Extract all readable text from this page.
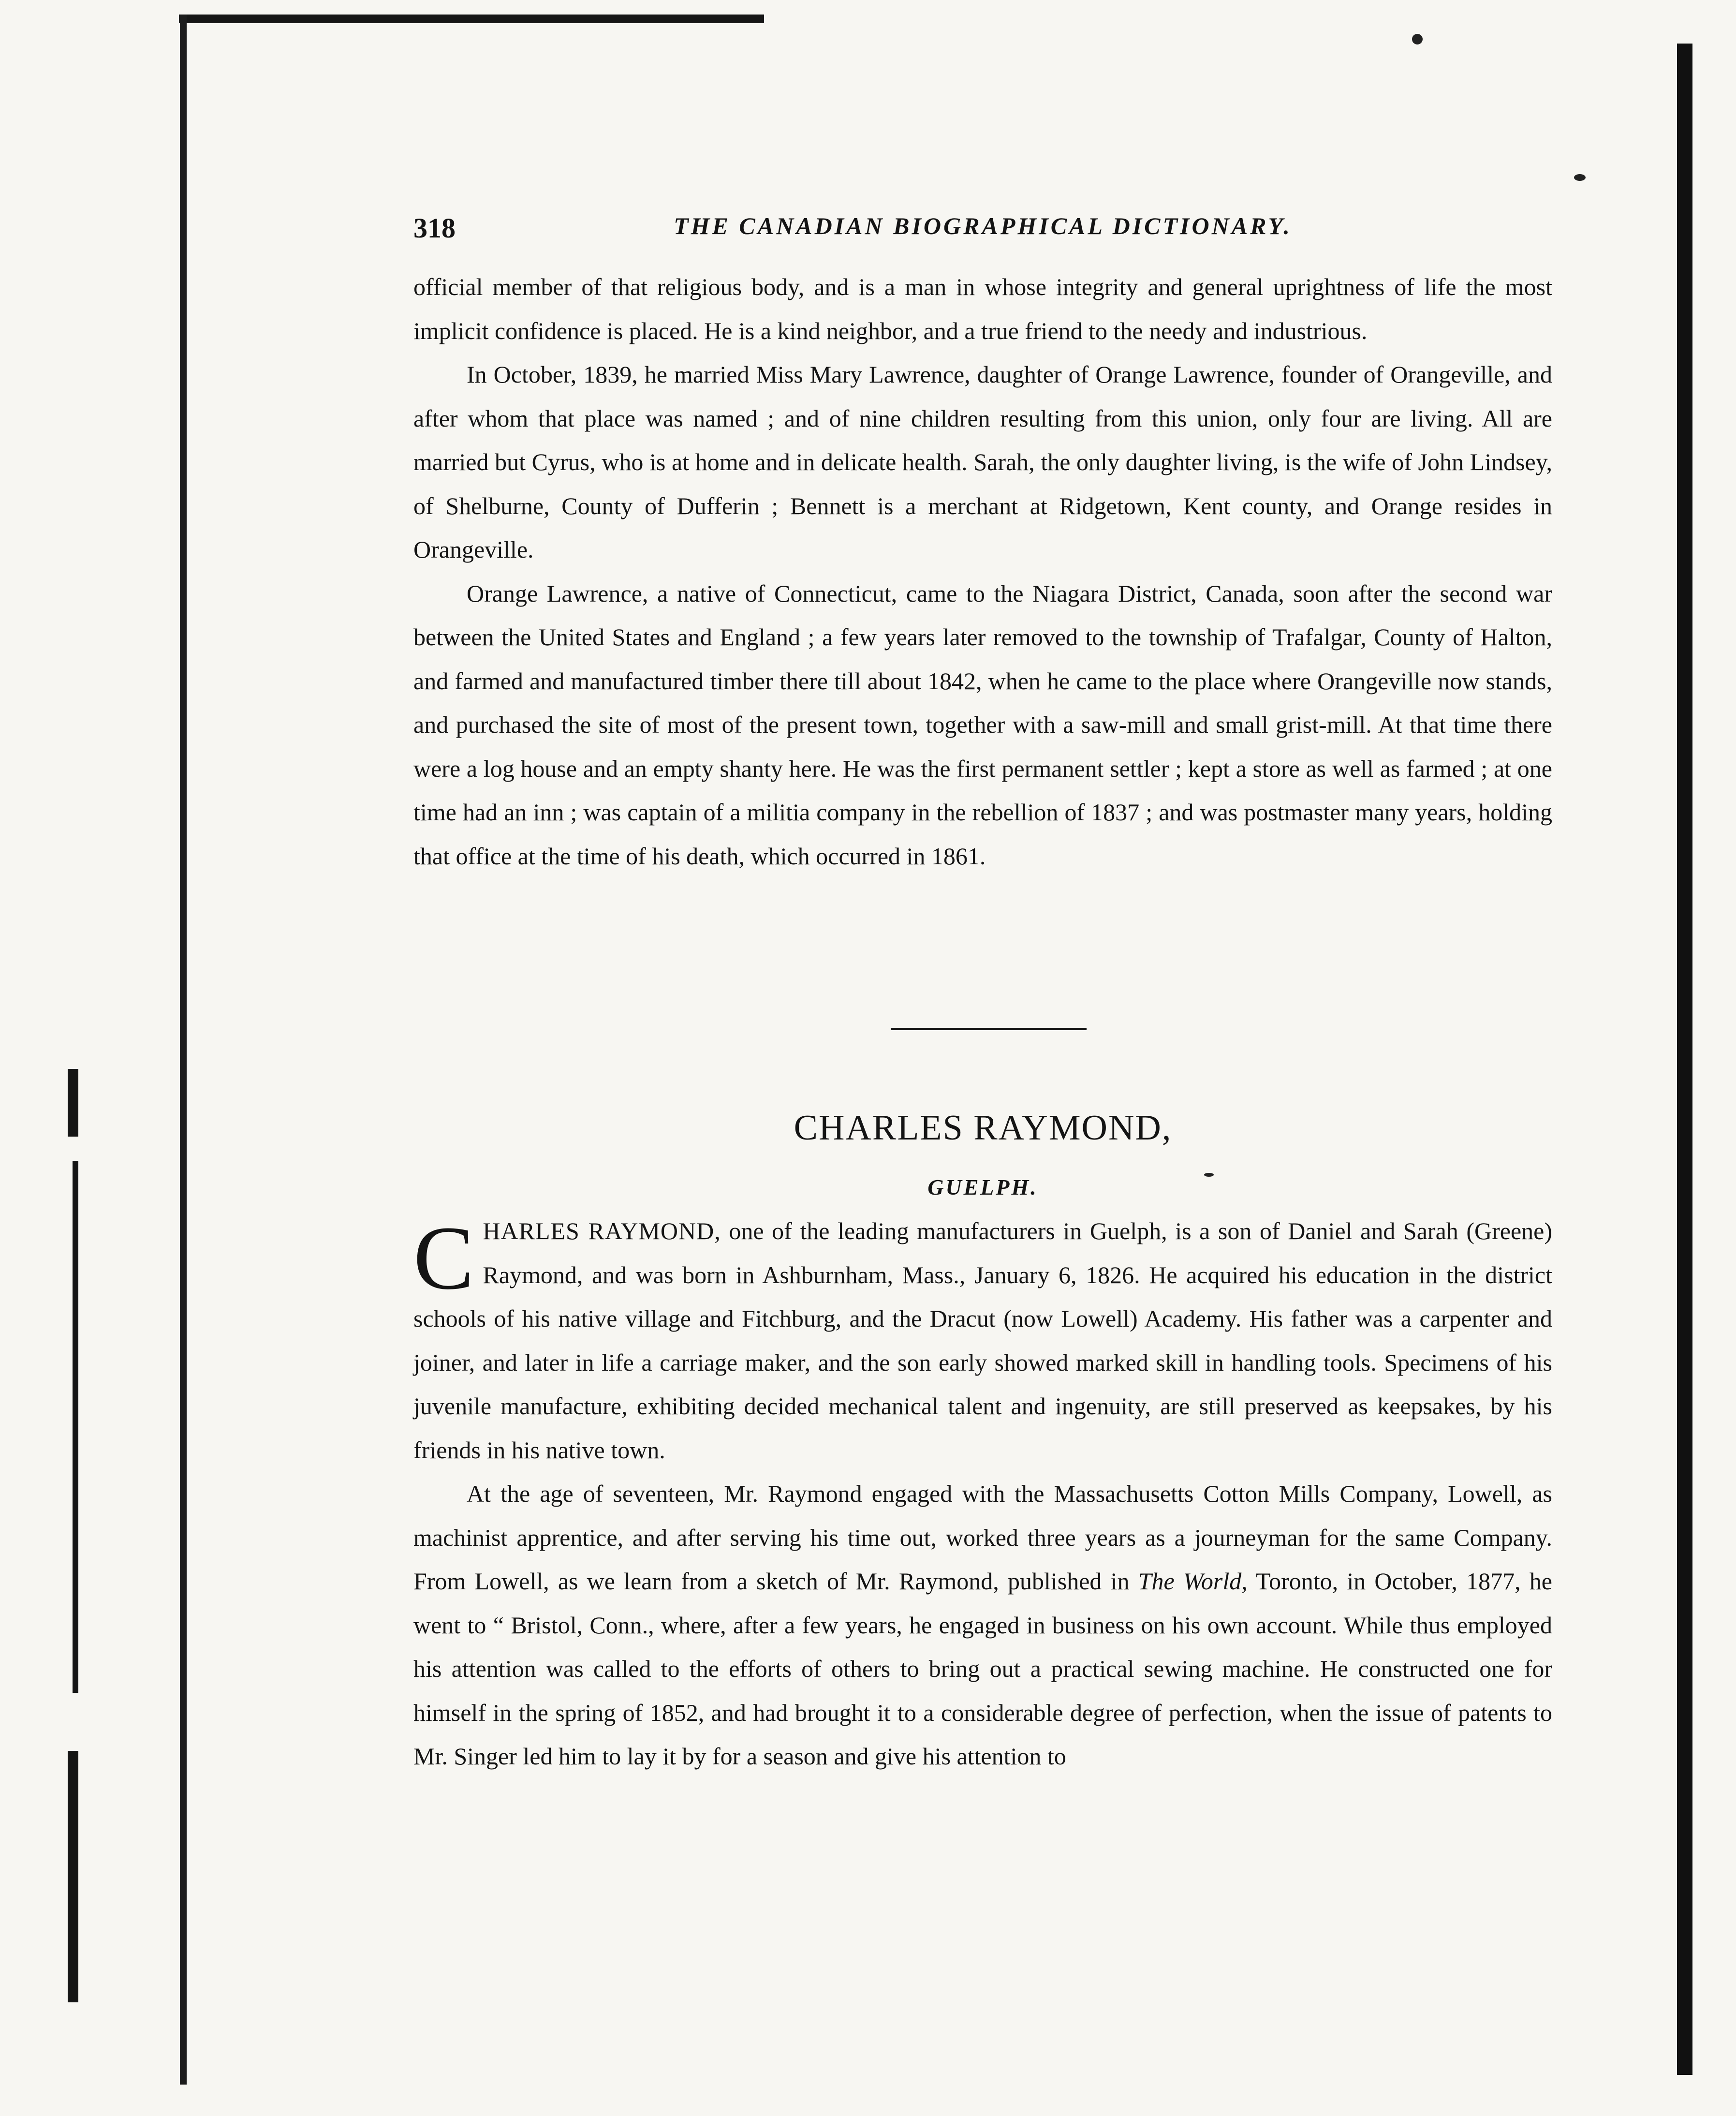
318	THE CANADIAN BIOGRAPHICAL DICTIONARY.

official member of that religious body, and is a man in whose integrity and general uprightness of life the most implicit confidence is placed. He is a kind neighbor, and a true friend to the needy and industrious.

In October, 1839, he married Miss Mary Lawrence, daughter of Orange Lawrence, founder of Orangeville, and after whom that place was named ; and of nine children resulting from this union, only four are living. All are married but Cyrus, who is at home and in delicate health. Sarah, the only daughter living, is the wife of John Lindsey, of Shelburne, County of Dufferin ; Bennett is a merchant at Ridgetown, Kent county, and Orange resides in Orangeville.

Orange Lawrence, a native of Connecticut, came to the Niagara District, Canada, soon after the second war between the United States and England ; a few years later removed to the township of Trafalgar, County of Halton, and farmed and manufactured timber there till about 1842, when he came to the place where Orangeville now stands, and purchased the site of most of the present town, together with a saw-mill and small grist-mill. At that time there were a log house and an empty shanty here. He was the first permanent settler ; kept a store as well as farmed ; at one time had an inn ; was captain of a militia company in the rebellion of 1837 ; and was postmaster many years, holding that office at the time of his death, which occurred in 1861.

CHARLES RAYMOND,
GUELPH.

CHARLES RAYMOND, one of the leading manufacturers in Guelph, is a son of Daniel and Sarah (Greene) Raymond, and was born in Ashburnham, Mass., January 6, 1826. He acquired his education in the district schools of his native village and Fitchburg, and the Dracut (now Lowell) Academy. His father was a carpenter and joiner, and later in life a carriage maker, and the son early showed marked skill in handling tools. Specimens of his juvenile manufacture, exhibiting decided mechanical talent and ingenuity, are still preserved as keepsakes, by his friends in his native town.

At the age of seventeen, Mr. Raymond engaged with the Massachusetts Cotton Mills Company, Lowell, as machinist apprentice, and after serving his time out, worked three years as a journeyman for the same Company. From Lowell, as we learn from a sketch of Mr. Raymond, published in The World, Toronto, in October, 1877, he went to “ Bristol, Conn., where, after a few years, he engaged in business on his own account. While thus employed his attention was called to the efforts of others to bring out a practical sewing machine. He constructed one for himself in the spring of 1852, and had brought it to a considerable degree of perfection, when the issue of patents to Mr. Singer led him to lay it by for a season and give his attention to
